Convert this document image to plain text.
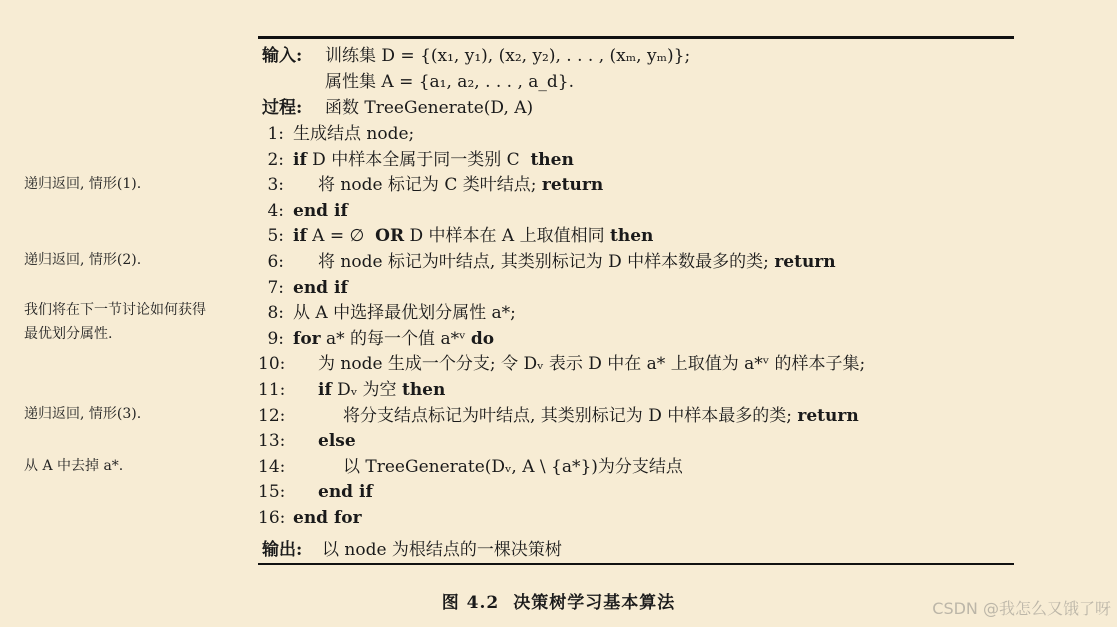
输入: 训练集 D = {(x₁, y₁), (x₂, y₂), . . . , (xₘ, yₘ)};
属性集 A = {a₁, a₂, . . . , a_d}.
过程: 函数 TreeGenerate(D, A)
1: 生成结点 node;
2: if D 中样本全属于同一类别 C  then
3: 将 node 标记为 C 类叶结点; return
4: end if
5: if A = ∅  OR D 中样本在 A 上取值相同 then
6: 将 node 标记为叶结点, 其类别标记为 D 中样本数最多的类; return
7: end if
8: 从 A 中选择最优划分属性 a*;
9: for a* 的每一个值 a*ᵛ do
10: 为 node 生成一个分支; 令 Dᵥ 表示 D 中在 a* 上取值为 a*ᵛ 的样本子集;
11: if Dᵥ 为空 then
12:	将分支结点标记为叶结点, 其类别标记为 D 中样本最多的类; return
13: else
14:	以 TreeGenerate(Dᵥ, A \ {a*})为分支结点
15: end if
16: end for
输出: 以 node 为根结点的一棵决策树
递归返回, 情形(1).
递归返回, 情形(2).
我们将在下一节讨论如何获得最优划分属性.
递归返回, 情形(3).
从 A 中去掉 a*.
图 4.2 决策树学习基本算法	CSDN @我怎么又饿了呀
